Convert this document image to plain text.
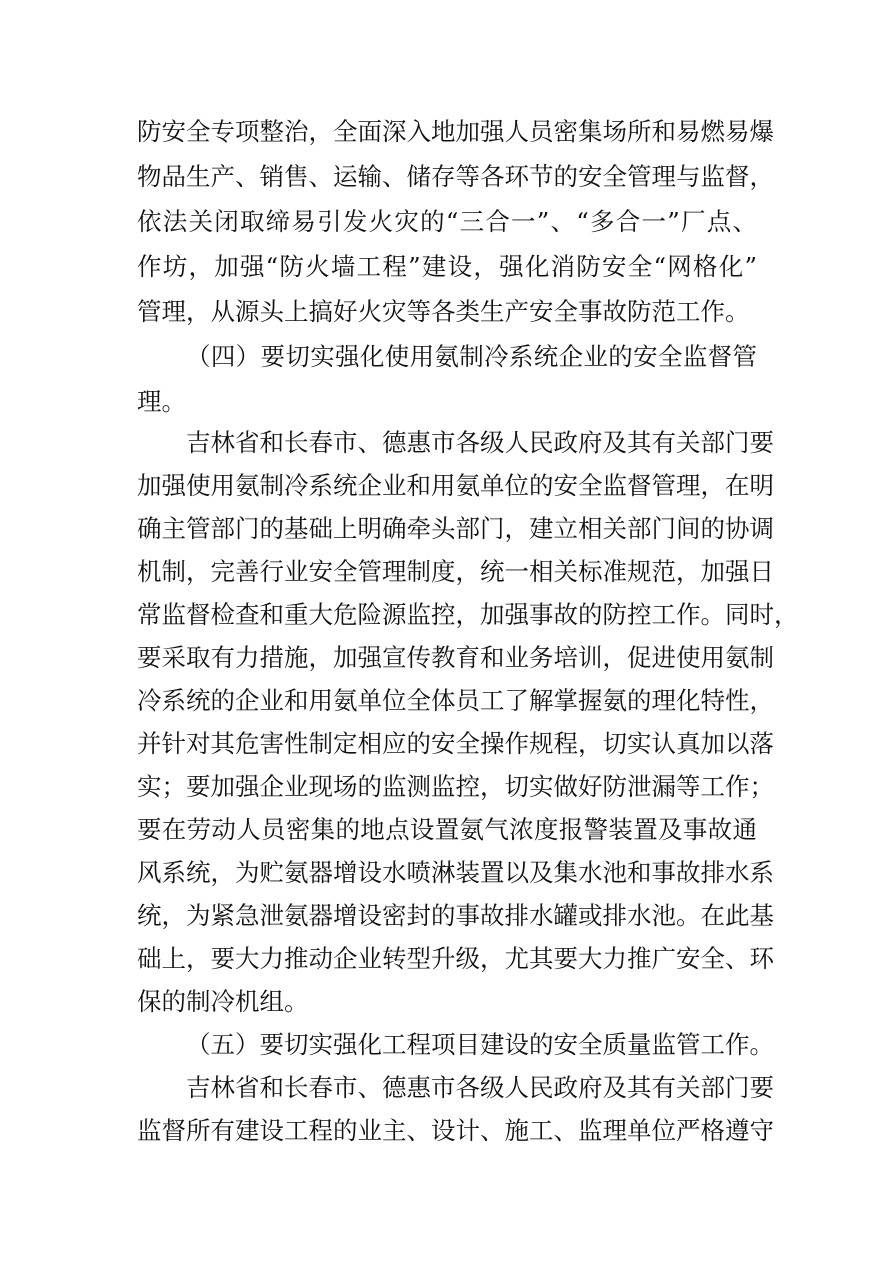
防安全专项整治，全面深入地加强人员密集场所和易燃易爆
物品生产、销售、运输、储存等各环节的安全管理与监督，
依法关闭取缔易引发火灾的“三合一”、“多合一”厂点、
作坊，加强“防火墙工程”建设，强化消防安全“网格化”
管理，从源头上搞好火灾等各类生产安全事故防范工作。
（四）要切实强化使用氨制冷系统企业的安全监督管
理。
吉林省和长春市、德惠市各级人民政府及其有关部门要
加强使用氨制冷系统企业和用氨单位的安全监督管理，在明
确主管部门的基础上明确牵头部门，建立相关部门间的协调
机制，完善行业安全管理制度，统一相关标准规范，加强日
常监督检查和重大危险源监控，加强事故的防控工作。同时，
要采取有力措施，加强宣传教育和业务培训，促进使用氨制
冷系统的企业和用氨单位全体员工了解掌握氨的理化特性，
并针对其危害性制定相应的安全操作规程，切实认真加以落
实；要加强企业现场的监测监控，切实做好防泄漏等工作；
要在劳动人员密集的地点设置氨气浓度报警装置及事故通
风系统，为贮氨器增设水喷淋装置以及集水池和事故排水系
统，为紧急泄氨器增设密封的事故排水罐或排水池。在此基
础上，要大力推动企业转型升级，尤其要大力推广安全、环
保的制冷机组。
（五）要切实强化工程项目建设的安全质量监管工作。
吉林省和长春市、德惠市各级人民政府及其有关部门要
监督所有建设工程的业主、设计、施工、监理单位严格遵守
